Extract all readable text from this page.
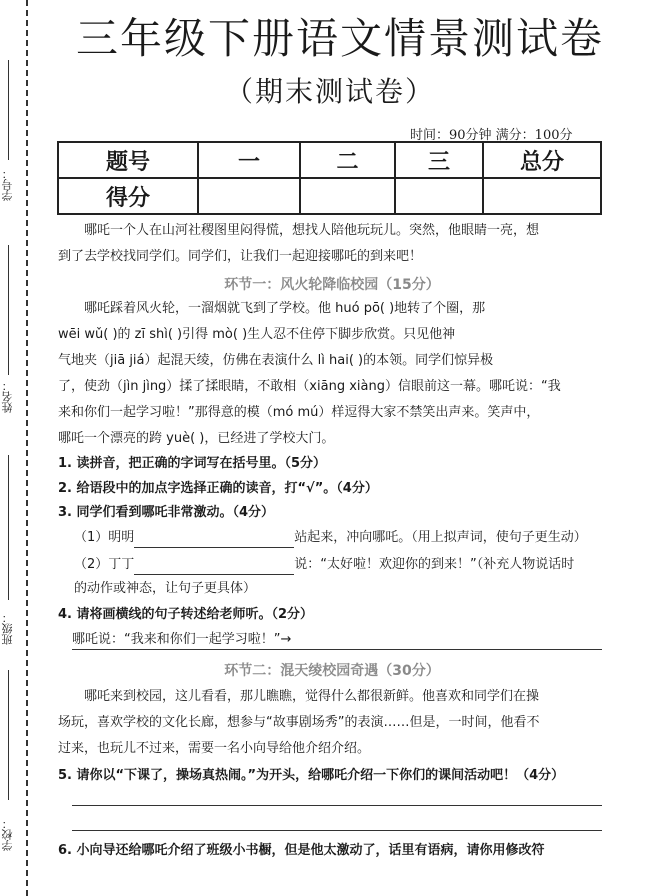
学号：
姓名：
班级：
学校：
三年级下册语文情景测试卷
（期末测试卷）
时间：90分钟 满分：100分
题号	一	二	三	总分
得分				
哪吒一个人在山河社稷图里闷得慌，想找人陪他玩玩儿。突然，他眼睛一亮，想
到了去学校找同学们。同学们，让我们一起迎接哪吒的到来吧！
环节一：风火轮降临校园（15分）
哪吒踩着风火轮，一溜烟就飞到了学校。他 huó pō( )地转了个圈，那
wēi wǔ( )的 zī shì( )引得 mò( )生人忍不住停下脚步欣赏。只见他神
气地夹（jiā jiá）起混天绫，仿佛在表演什么 lì hai( )的本领。同学们惊异极
了，使劲（jìn jìng）揉了揉眼睛，不敢相（xiāng xiàng）信眼前这一幕。哪吒说：“我
来和你们一起学习啦！”那得意的模（mó mú）样逗得大家不禁笑出声来。笑声中，
哪吒一个漂亮的跨 yuè( )，已经进了学校大门。
1. 读拼音，把正确的字词写在括号里。（5分）
2. 给语段中的加点字选择正确的读音，打“√”。（4分）
3. 同学们看到哪吒非常激动。（4分）
（1）明明	站起来，冲向哪吒。（用上拟声词，使句子更生动）
（2）丁丁	说：“太好啦！欢迎你的到来！”（补充人物说话时
的动作或神态，让句子更具体）
4. 请将画横线的句子转述给老师听。（2分）
哪吒说：“我来和你们一起学习啦！”→
环节二：混天绫校园奇遇（30分）
哪吒来到校园，这儿看看，那儿瞧瞧，觉得什么都很新鲜。他喜欢和同学们在操
场玩，喜欢学校的文化长廊，想参与“故事剧场秀”的表演……但是，一时间，他看不
过来，也玩儿不过来，需要一名小向导给他介绍介绍。
5. 请你以“下课了，操场真热闹。”为开头，给哪吒介绍一下你们的课间活动吧！（4分）
6. 小向导还给哪吒介绍了班级小书橱，但是他太激动了，话里有语病，请你用修改符
